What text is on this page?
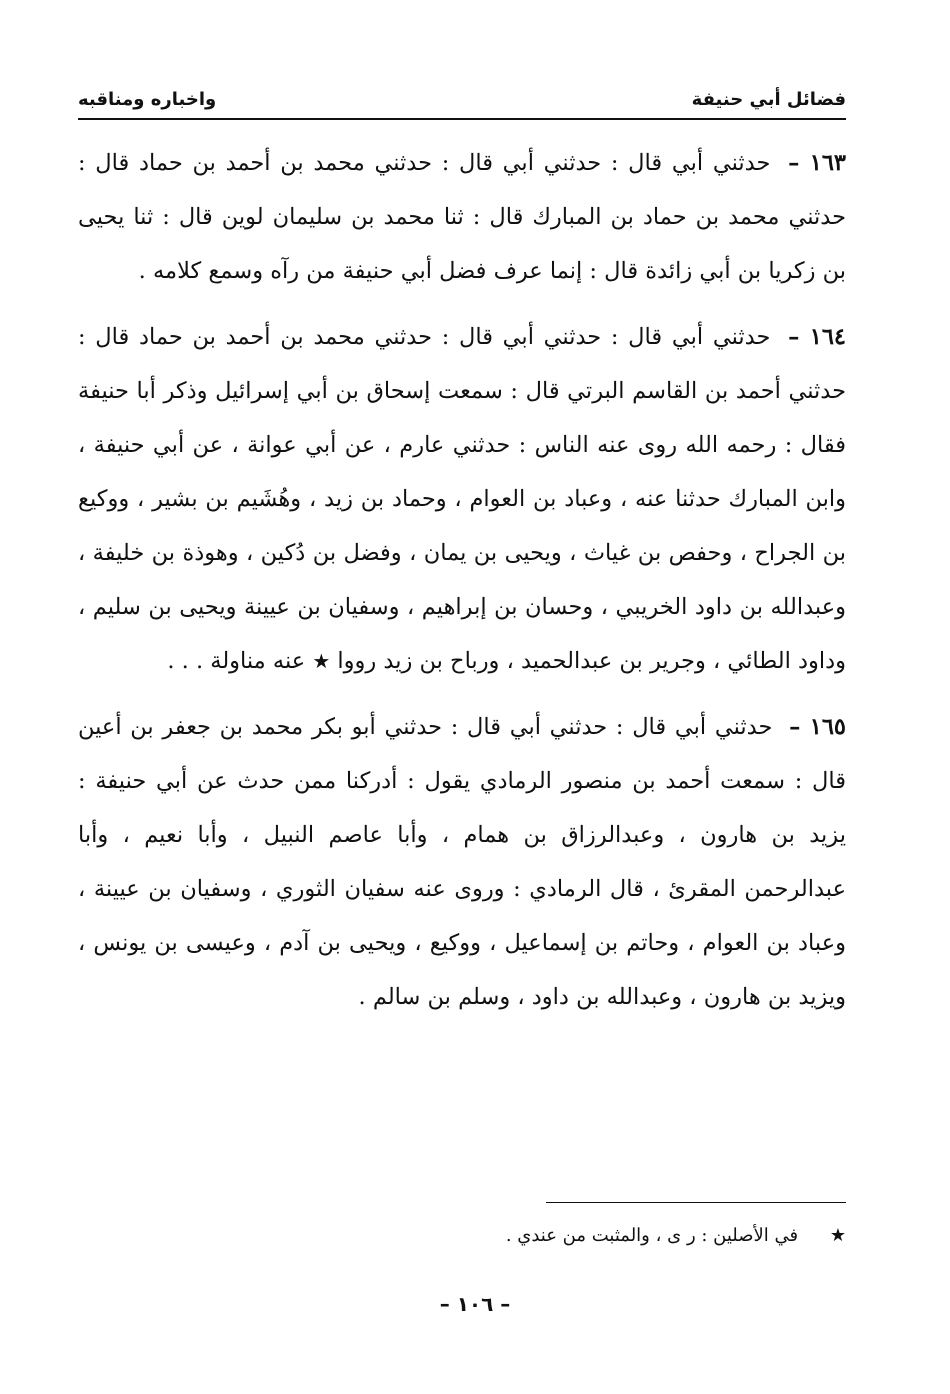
فضائل أبي حنيفة
واخباره ومناقبه

١٦٣ – حدثني أبي قال : حدثني أبي قال : حدثني محمد بن أحمد بن حماد قال : حدثني محمد بن حماد بن المبارك قال : ثنا محمد بن سليمان لوين قال : ثنا يحيى بن زكريا بن أبي زائدة قال : إنما عرف فضل أبي حنيفة من رآه وسمع كلامه .

١٦٤ – حدثني أبي قال : حدثني أبي قال : حدثني محمد بن أحمد بن حماد قال : حدثني أحمد بن القاسم البرتي قال : سمعت إسحاق بن أبي إسرائيل وذكر أبا حنيفة فقال : رحمه الله روى عنه الناس : حدثني عارم ، عن أبي عوانة ، عن أبي حنيفة ، وابن المبارك حدثنا عنه ، وعباد بن العوام ، وحماد بن زيد ، وهُشَيم بن بشير ، ووكيع بن الجراح ، وحفص بن غياث ، ويحيى بن يمان ، وفضل بن دُكين ، وهوذة بن خليفة ، وعبدالله بن داود الخريبي ، وحسان بن إبراهيم ، وسفيان بن عيينة ويحيى بن سليم ، وداود الطائي ، وجرير بن عبدالحميد ، ورباح بن زيد رووا ★ عنه مناولة . . .

١٦٥ – حدثني أبي قال : حدثني أبي قال : حدثني أبو بكر محمد بن جعفر بن أعين قال : سمعت أحمد بن منصور الرمادي يقول : أدركنا ممن حدث عن أبي حنيفة : يزيد بن هارون ، وعبدالرزاق بن همام ، وأبا عاصم النبيل ، وأبا نعيم ، وأبا عبدالرحمن المقرئ ، قال الرمادي : وروى عنه سفيان الثوري ، وسفيان بن عيينة ، وعباد بن العوام ، وحاتم بن إسماعيل ، ووكيع ، ويحيى بن آدم ، وعيسى بن يونس ، ويزيد بن هارون ، وعبدالله بن داود ، وسلم بن سالم .

★ في الأصلين : ر ى ، والمثبت من عندي .
– ١٠٦ –
